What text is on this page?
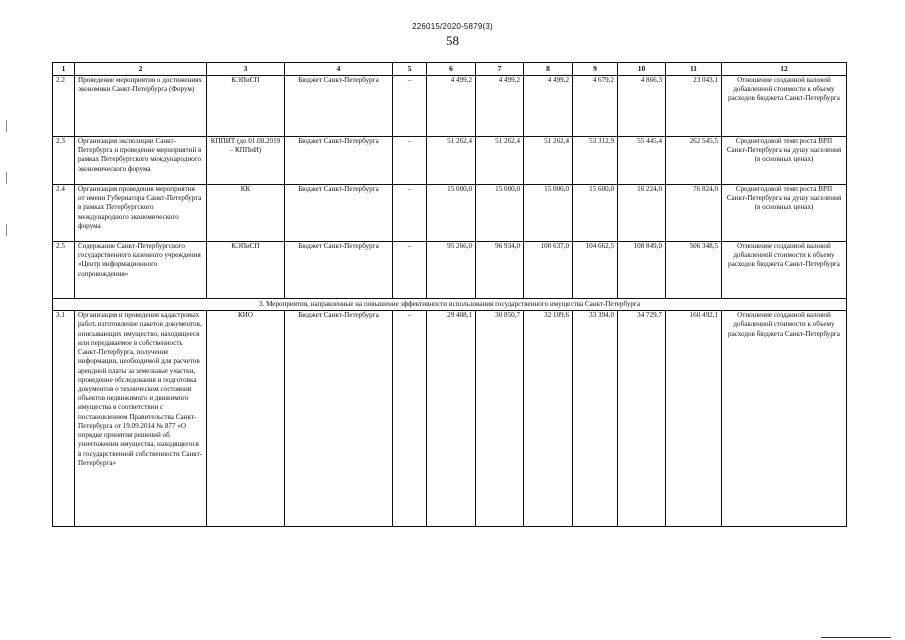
226015/2020-5879(3)
58
1	2	3	4	5	6	7	8	9	10	11	12
2.2	Проведение мероприятия о достижениях экономики Санкт-Петербурга (Форум)	КЭПиСП	Бюджет Санкт-Петербурга	–	4 499,2	4 499,2	4 499,2	4 679,2	4 866,3	23 043,1	Отношение созданной валовой добавленной стоимости к объему расходов бюджета Санкт-Петербурга
2.3	Организация экспозиции Санкт-Петербурга и проведение мероприятий в рамках Петербургского международного экономического форума	КППИТ (до 01.08.2019 – КППиИ)	Бюджет Санкт-Петербурга	–	51 262,4	51 262,4	51 262,4	53 312,9	55 445,4	262 545,5	Среднегодовой темп роста ВРП Санкт-Петербурга на душу населения (в основных ценах)
2.4	Организация проведения мероприятия от имени Губернатора Санкт-Петербурга в рамках Петербургского международного экономического форума	КК	Бюджет Санкт-Петербурга	–	15 000,0	15 000,0	15 000,0	15 600,0	16 224,0	76 824,0	Среднегодовой темп роста ВРП Санкт-Петербурга на душу населения (в основных ценах)
2.5	Содержание Санкт-Петербургского государственного казенного учреждения «Центр информационного сопровождения»	КЭПиСП	Бюджет Санкт-Петербурга	–	95 266,0	96 934,0	100 637,0	104 662,5	108 849,0	506 348,5	Отношение созданной валовой добавленной стоимости к объему расходов бюджета Санкт-Петербурга
3. Мероприятия, направленные на повышение эффективности использования государственного имущества Санкт-Петербурга											
3.1	Организация и проведение кадастровых работ, изготовление пакетов документов, описывающих имущество, находящееся или передаваемое в собственность Санкт-Петербурга, получение информации, необходимой для расчетов арендной платы за земельные участки, проведение обследования и подготовка документов о техническом состоянии объектов недвижимого и движимого имущества в соответствии с постановлением Правительства Санкт-Петербурга от 19.09.2014 № 877 «О порядке принятия решений об уничтожении имущества, находящегося в государственной собственности Санкт-Петербурга»	КИО	Бюджет Санкт-Петербурга	–	29 408,1	30 850,7	32 109,6	33 394,0	34 729,7	160 492,1	Отношение созданной валовой добавленной стоимости к объему расходов бюджета Санкт-Петербурга
